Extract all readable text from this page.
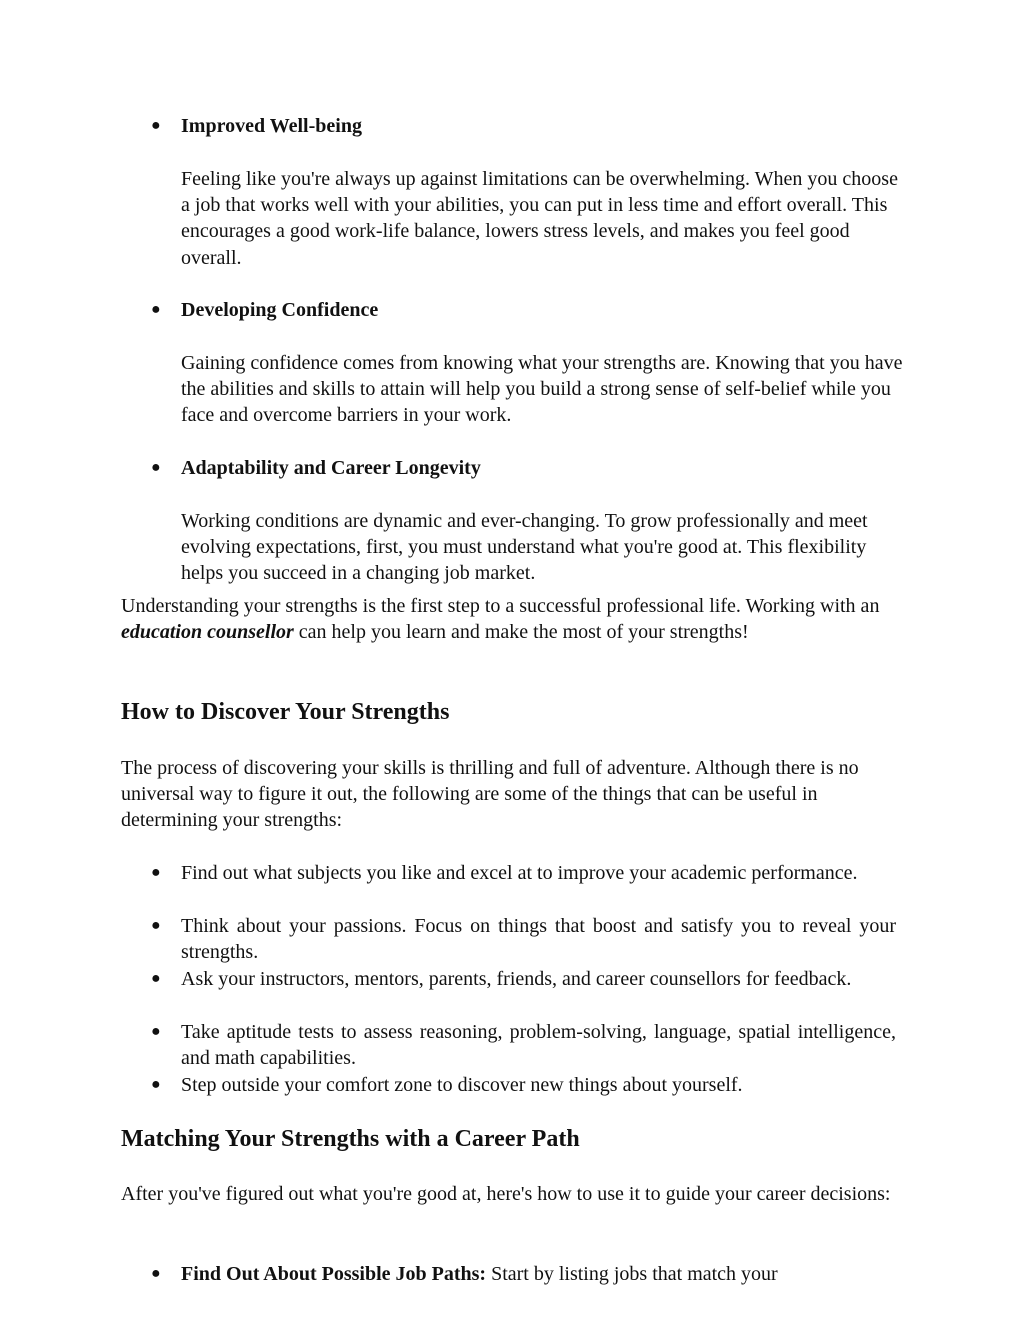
● Improved Well-being
Feeling like you're always up against limitations can be overwhelming. When you choose a job that works well with your abilities, you can put in less time and effort overall. This encourages a good work-life balance, lowers stress levels, and makes you feel good overall.
● Developing Confidence
Gaining confidence comes from knowing what your strengths are. Knowing that you have the abilities and skills to attain will help you build a strong sense of self-belief while you face and overcome barriers in your work.
● Adaptability and Career Longevity
Working conditions are dynamic and ever-changing. To grow professionally and meet evolving expectations, first, you must understand what you're good at. This flexibility helps you succeed in a changing job market.
Understanding your strengths is the first step to a successful professional life. Working with an education counsellor can help you learn and make the most of your strengths!
How to Discover Your Strengths
The process of discovering your skills is thrilling and full of adventure. Although there is no universal way to figure it out, the following are some of the things that can be useful in determining your strengths:
● Find out what subjects you like and excel at to improve your academic performance.
● Think about your passions. Focus on things that boost and satisfy you to reveal your strengths.
● Ask your instructors, mentors, parents, friends, and career counsellors for feedback.
● Take aptitude tests to assess reasoning, problem-solving, language, spatial intelligence, and math capabilities.
● Step outside your comfort zone to discover new things about yourself.
Matching Your Strengths with a Career Path
After you've figured out what you're good at, here's how to use it to guide your career decisions:
● Find Out About Possible Job Paths: Start by listing jobs that match your
